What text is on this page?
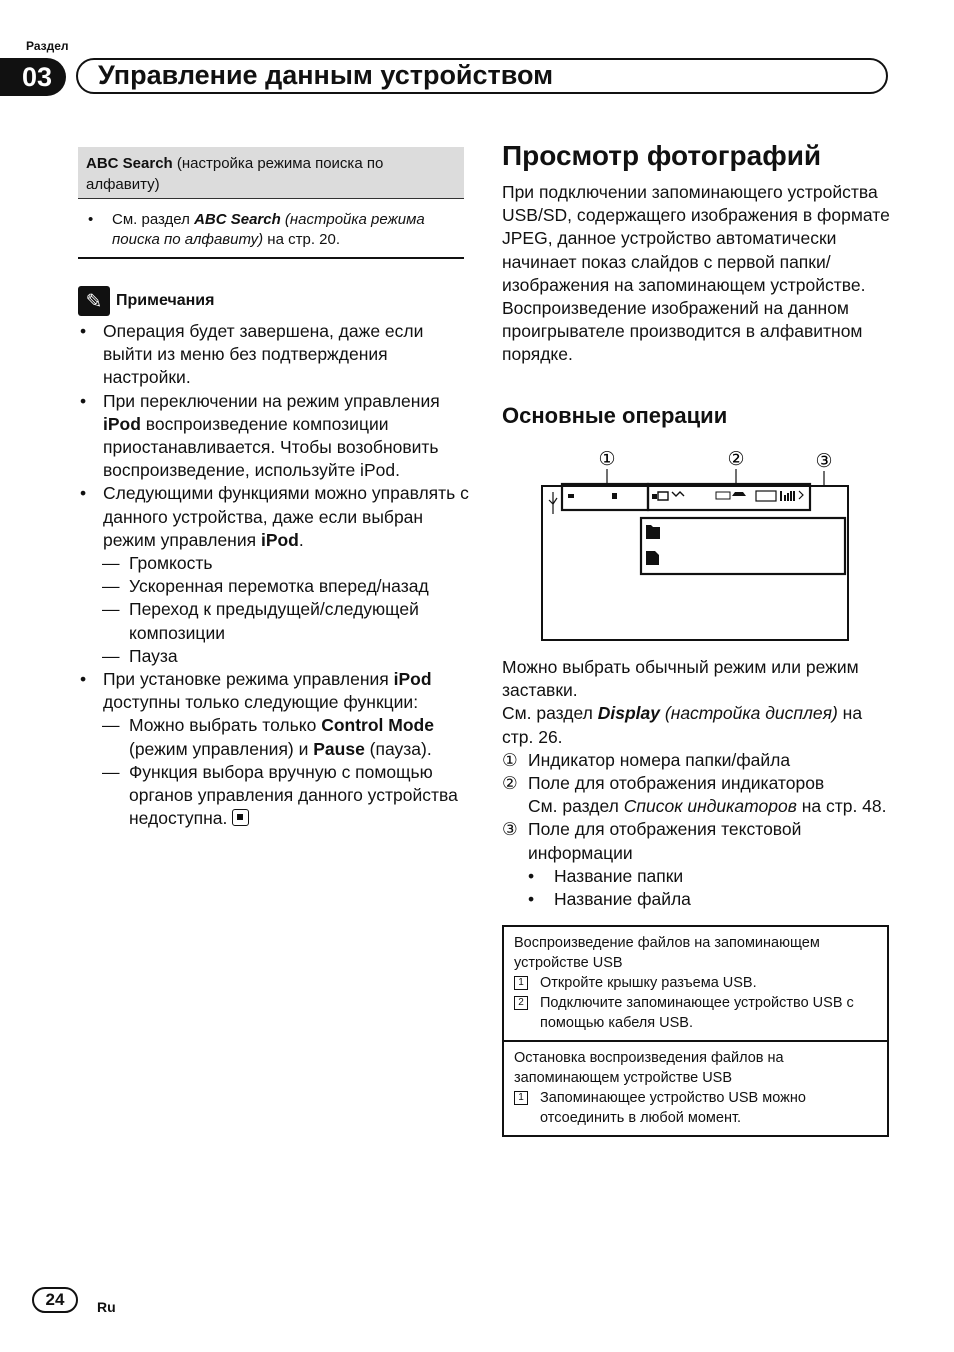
Раздел
03	Управление данным устройством
ABC Search (настройка режима поиска по алфавиту)
• См. раздел ABC Search (настройка режима поиска по алфавиту) на стр. 20.
✎ Примечания
• Операция будет завершена, даже если выйти из меню без подтверждения настройки.
• При переключении на режим управления iPod воспроизведение композиции приостанавливается. Чтобы возобновить воспроизведение, используйте iPod.
• Следующими функциями можно управлять с данного устройства, даже если выбран режим управления iPod.
— Громкость
— Ускоренная перемотка вперед/назад
— Переход к предыдущей/следующей композиции
— Пауза
• При установке режима управления iPod доступны только следующие функции:
— Можно выбрать только Control Mode (режим управления) и Pause (пауза).
— Функция выбора вручную с помощью органов управления данного устройства недоступна.
Просмотр фотографий
При подключении запоминающего устройства USB/SD, содержащего изображения в формате JPEG, данное устройство автоматически начинает показ слайдов с первой папки/изображения на запоминающем устройстве. Воспроизведение изображений на данном проигрывателе производится в алфавитном порядке.
Основные операции
①	②	③
Можно выбрать обычный режим или режим заставки.
См. раздел Display (настройка дисплея) на стр. 26.
① Индикатор номера папки/файла
② Поле для отображения индикаторов
См. раздел Список индикаторов на стр. 48.
③ Поле для отображения текстовой информации
• Название папки
• Название файла
Воспроизведение файлов на запоминающем устройстве USB
1 Откройте крышку разъема USB.
2 Подключите запоминающее устройство USB с помощью кабеля USB.
Остановка воспроизведения файлов на запоминающем устройстве USB
1 Запоминающее устройство USB можно отсоединить в любой момент.
24	Ru
